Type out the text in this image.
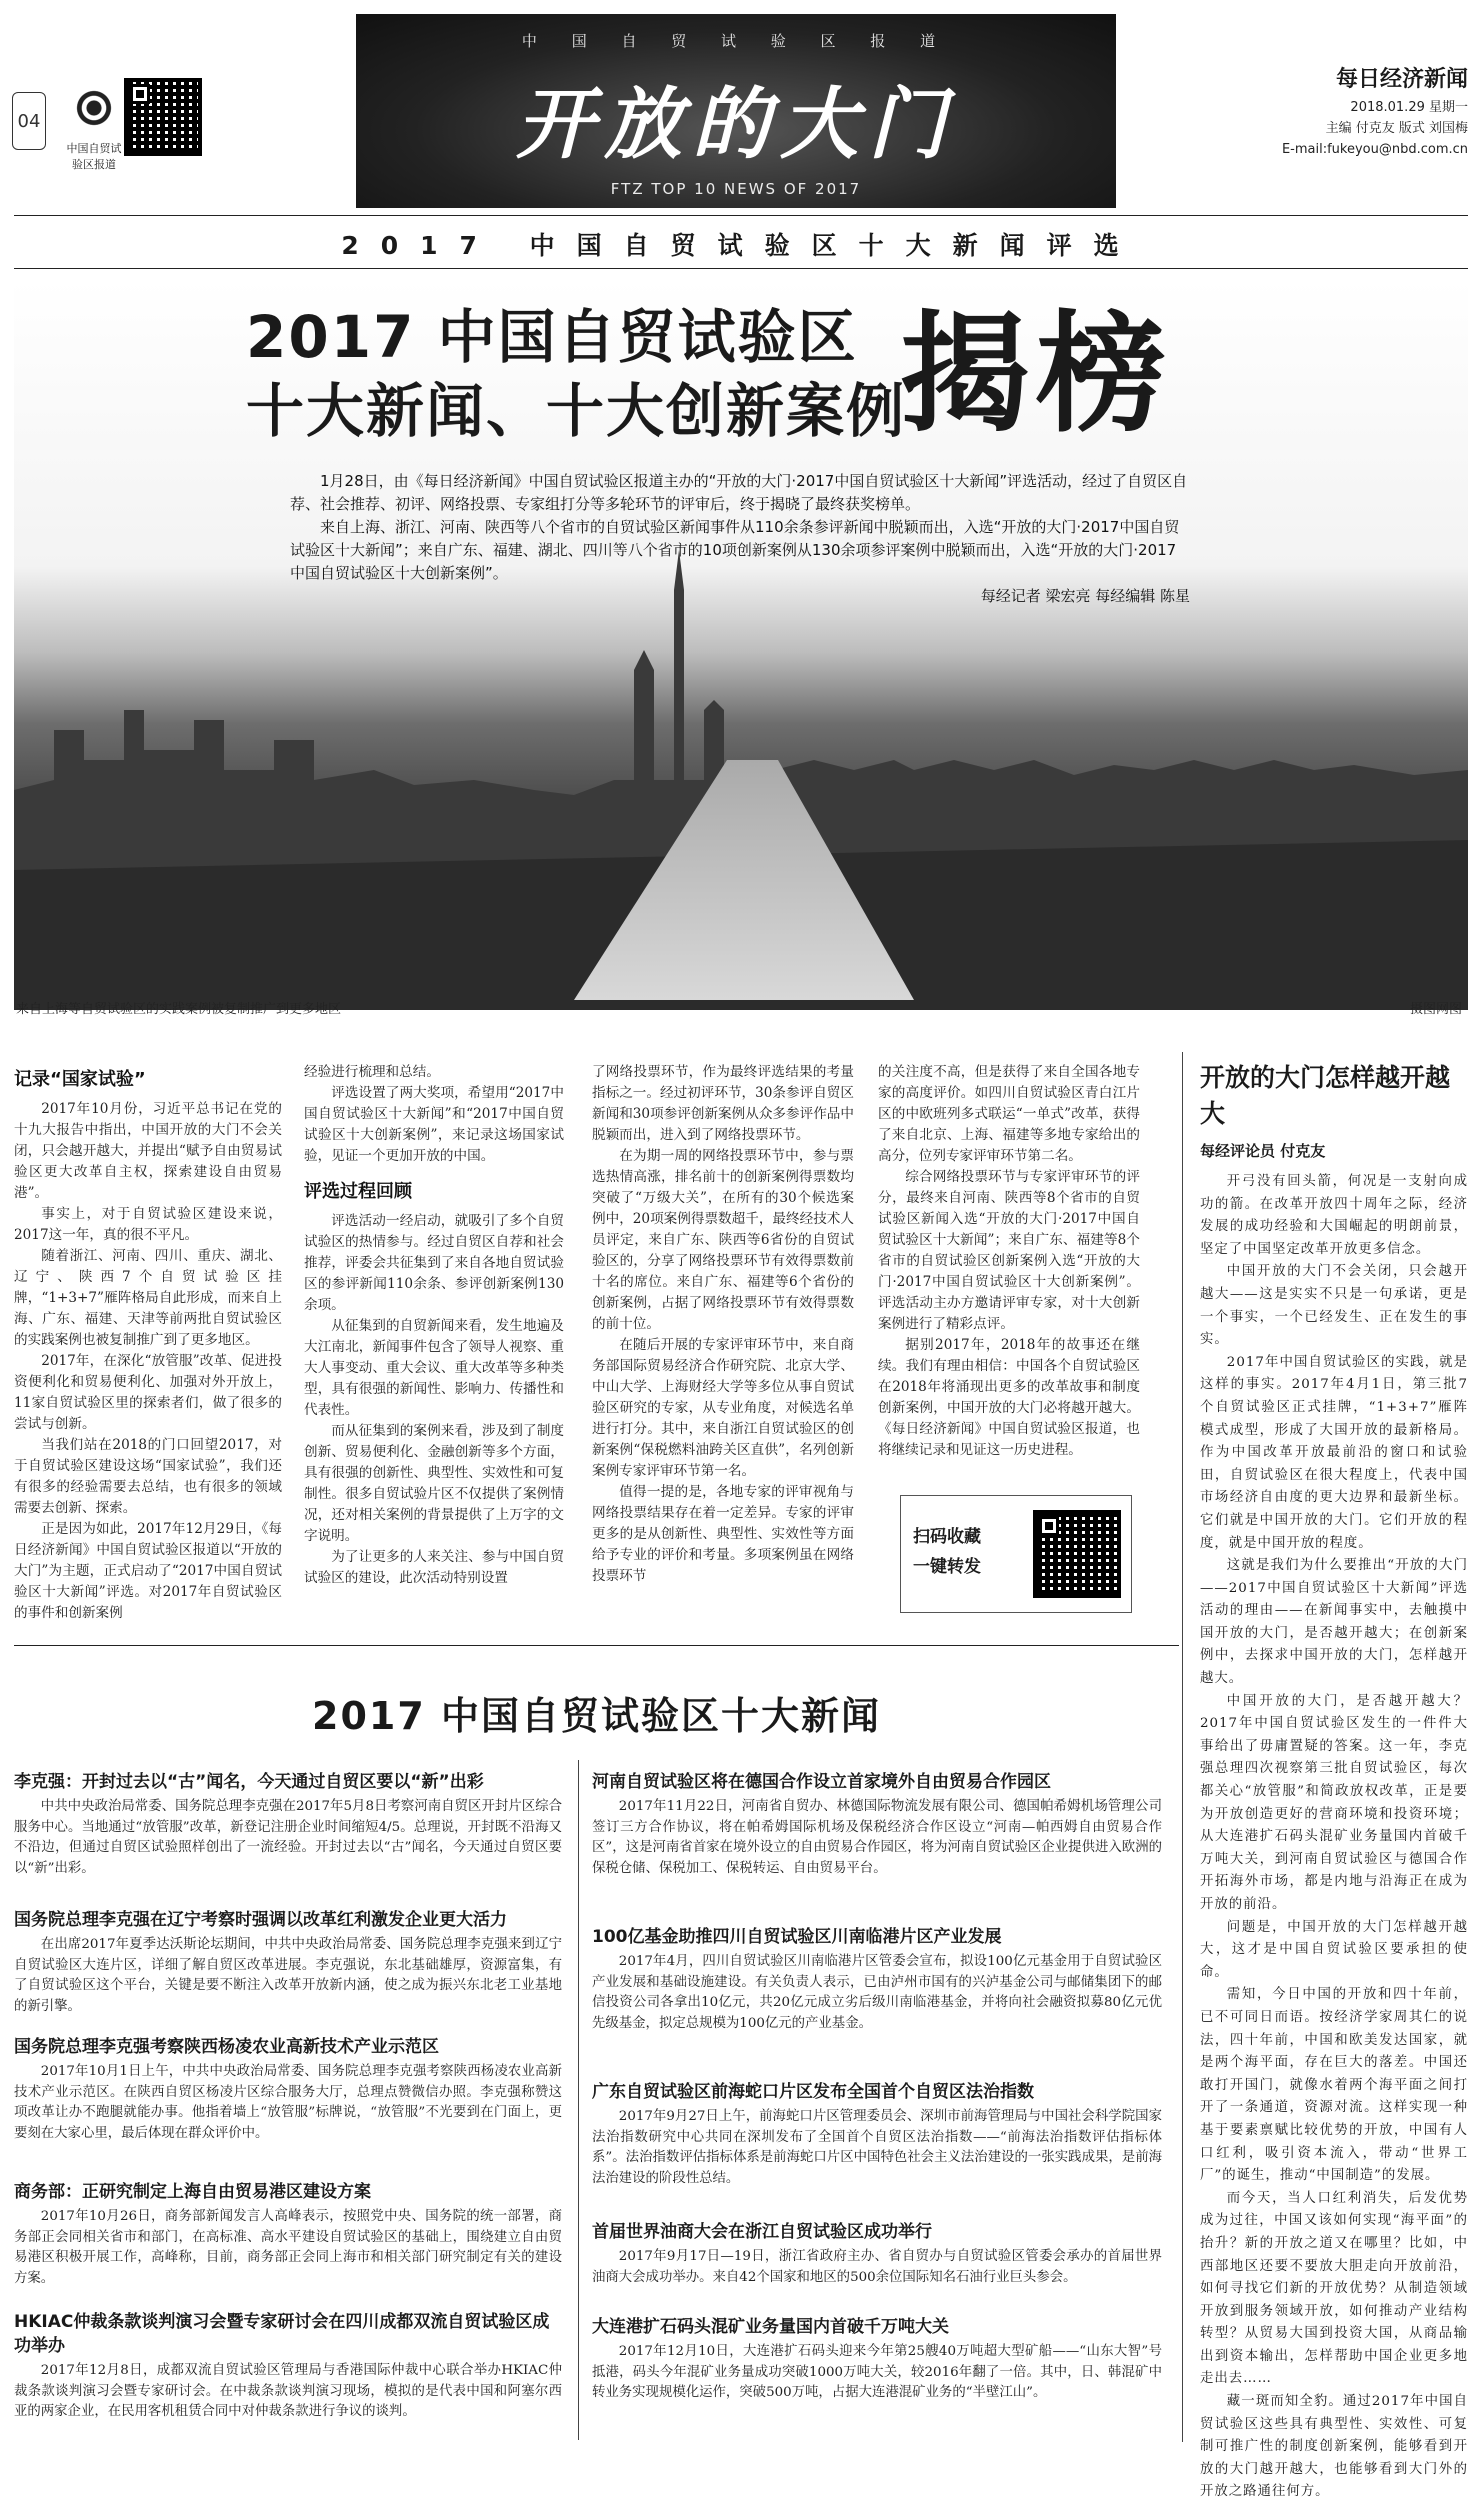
04
中国自贸试验区报道
中 国 自 贸 试 验 区 报 道
开放的大门
FTZ TOP 10 NEWS OF 2017
每日经济新闻
2018.01.29 星期一
主编 付克友 版式 刘国梅
E-mail:fukeyou@nbd.com.cn
2017 中国自贸试验区十大新闻评选
2017 中国自贸试验区
十大新闻、十大创新案例
揭榜

1月28日，由《每日经济新闻》中国自贸试验区报道主办的“开放的大门·2017中国自贸试验区十大新闻”评选活动，经过了自贸区自荐、社会推荐、初评、网络投票、专家组打分等多轮环节的评审后，终于揭晓了最终获奖榜单。

来自上海、浙江、河南、陕西等八个省市的自贸试验区新闻事件从110余条参评新闻中脱颖而出，入选“开放的大门·2017中国自贸试验区十大新闻”；来自广东、福建、湖北、四川等八个省市的10项创新案例从130余项参评案例中脱颖而出，入选“开放的大门·2017中国自贸试验区十大创新案例”。

每经记者 梁宏亮 每经编辑 陈星
来自上海等自贸试验区的实践案例被复制推广到更多地区	摄图网图
记录“国家试验”

2017年10月份，习近平总书记在党的十九大报告中指出，中国开放的大门不会关闭，只会越开越大，并提出“赋予自由贸易试验区更大改革自主权，探索建设自由贸易港”。

事实上，对于自贸试验区建设来说，2017这一年，真的很不平凡。

随着浙江、河南、四川、重庆、湖北、辽宁、陕西7个自贸试验区挂牌，“1+3+7”雁阵格局自此形成，而来自上海、广东、福建、天津等前两批自贸试验区的实践案例也被复制推广到了更多地区。

2017年，在深化“放管服”改革、促进投资便利化和贸易便利化、加强对外开放上，11家自贸试验区里的探索者们，做了很多的尝试与创新。

当我们站在2018的门口回望2017，对于自贸试验区建设这场“国家试验”，我们还有很多的经验需要去总结，也有很多的领域需要去创新、探索。

正是因为如此，2017年12月29日，《每日经济新闻》中国自贸试验区报道以“开放的大门”为主题，正式启动了“2017中国自贸试验区十大新闻”评选。对2017年自贸试验区的事件和创新案例

经验进行梳理和总结。

评选设置了两大奖项，希望用“2017中国自贸试验区十大新闻”和“2017中国自贸试验区十大创新案例”，来记录这场国家试验，见证一个更加开放的中国。

评选过程回顾

评选活动一经启动，就吸引了多个自贸试验区的热情参与。经过自贸区自荐和社会推荐，评委会共征集到了来自各地自贸试验区的参评新闻110余条、参评创新案例130余项。

从征集到的自贸新闻来看，发生地遍及大江南北，新闻事件包含了领导人视察、重大人事变动、重大会议、重大改革等多种类型，具有很强的新闻性、影响力、传播性和代表性。

而从征集到的案例来看，涉及到了制度创新、贸易便利化、金融创新等多个方面，具有很强的创新性、典型性、实效性和可复制性。很多自贸试验片区不仅提供了案例情况，还对相关案例的背景提供了上万字的文字说明。

为了让更多的人来关注、参与中国自贸试验区的建设，此次活动特别设置

了网络投票环节，作为最终评选结果的考量指标之一。经过初评环节，30条参评自贸区新闻和30项参评创新案例从众多参评作品中脱颖而出，进入到了网络投票环节。

在为期一周的网络投票环节中，参与票选热情高涨，排名前十的创新案例得票数均突破了“万级大关”，在所有的30个候选案例中，20项案例得票数超千，最终经技术人员评定，来自广东、陕西等6省份的自贸试验区的，分享了网络投票环节有效得票数前十名的席位。来自广东、福建等6个省份的创新案例，占据了网络投票环节有效得票数的前十位。

在随后开展的专家评审环节中，来自商务部国际贸易经济合作研究院、北京大学、中山大学、上海财经大学等多位从事自贸试验区研究的专家，从专业角度，对候选名单进行打分。其中，来自浙江自贸试验区的创新案例“保税燃料油跨关区直供”，名列创新案例专家评审环节第一名。

值得一提的是，各地专家的评审视角与网络投票结果存在着一定差异。专家的评审更多的是从创新性、典型性、实效性等方面给予专业的评价和考量。多项案例虽在网络投票环节

的关注度不高，但是获得了来自全国各地专家的高度评价。如四川自贸试验区青白江片区的中欧班列多式联运“一单式”改革，获得了来自北京、上海、福建等多地专家给出的高分，位列专家评审环节第二名。

综合网络投票环节与专家评审环节的评分，最终来自河南、陕西等8个省市的自贸试验区新闻入选“开放的大门·2017中国自贸试验区十大新闻”；来自广东、福建等8个省市的自贸试验区创新案例入选“开放的大门·2017中国自贸试验区十大创新案例”。评选活动主办方邀请评审专家，对十大创新案例进行了精彩点评。

据别2017年，2018年的故事还在继续。我们有理由相信：中国各个自贸试验区在2018年将涌现出更多的改革故事和制度创新案例，中国开放的大门必将越开越大。《每日经济新闻》中国自贸试验区报道，也将继续记录和见证这一历史进程。

扫码收藏一键转发
开放的大门怎样越开越大
每经评论员 付克友

开弓没有回头箭，何况是一支射向成功的箭。在改革开放四十周年之际，经济发展的成功经验和大国崛起的明朗前景，坚定了中国坚定改革开放更多信念。

中国开放的大门不会关闭，只会越开越大——这是实实不只是一句承诺，更是一个事实，一个已经发生、正在发生的事实。

2017年中国自贸试验区的实践，就是这样的事实。2017年4月1日，第三批7个自贸试验区正式挂牌，“1+3+7”雁阵模式成型，形成了大国开放的最新格局。作为中国改革开放最前沿的窗口和试验田，自贸试验区在很大程度上，代表中国市场经济自由度的更大边界和最新坐标。它们就是中国开放的大门。它们开放的程度，就是中国开放的程度。

这就是我们为什么要推出“开放的大门——2017中国自贸试验区十大新闻”评选活动的理由——在新闻事实中，去触摸中国开放的大门，是否越开越大；在创新案例中，去探求中国开放的大门，怎样越开越大。

中国开放的大门，是否越开越大？2017年中国自贸试验区发生的一件件大事给出了毋庸置疑的答案。这一年，李克强总理四次视察第三批自贸试验区，每次都关心“放管服”和简政放权改革，正是要为开放创造更好的营商环境和投资环境；从大连港扩石码头混矿业务量国内首破千万吨大关，到河南自贸试验区与德国合作开拓海外市场，都是内地与沿海正在成为开放的前沿。

问题是，中国开放的大门怎样越开越大，这才是中国自贸试验区要承担的使命。

需知，今日中国的开放和四十年前，已不可同日而语。按经济学家周其仁的说法，四十年前，中国和欧美发达国家，就是两个海平面，存在巨大的落差。中国还敢打开国门，就像水着两个海平面之间打开了一条通道，资源对流。这样实现一种基于要素禀赋比较优势的开放，中国有人口红利，吸引资本流入，带动“世界工厂”的诞生，推动“中国制造”的发展。

而今天，当人口红利消失，后发优势成为过往，中国又该如何实现“海平面”的抬升？新的开放之道又在哪里？比如，中西部地区还要不要放大胆走向开放前沿，如何寻找它们新的开放优势？从制造领域开放到服务领域开放，如何推动产业结构转型？从贸易大国到投资大国，从商品输出到资本输出，怎样帮助中国企业更多地走出去……

藏一斑而知全豹。通过2017年中国自贸试验区这些具有典型性、实效性、可复制可推广性的制度创新案例，能够看到开放的大门越开越大，也能够看到大门外的开放之路通往何方。

2017 中国自贸试验区十大新闻
李克强：开封过去以“古”闻名，今天通过自贸区要以“新”出彩

中共中央政治局常委、国务院总理李克强在2017年5月8日考察河南自贸区开封片区综合服务中心。当地通过“放管服”改革，新登记注册企业时间缩短4/5。总理说，开封既不沿海又不沿边，但通过自贸区试验照样创出了一流经验。开封过去以“古”闻名，今天通过自贸区要以“新”出彩。

国务院总理李克强在辽宁考察时强调以改革红利激发企业更大活力

在出席2017年夏季达沃斯论坛期间，中共中央政治局常委、国务院总理李克强来到辽宁自贸试验区大连片区，详细了解自贸区改革进展。李克强说，东北基础雄厚，资源富集，有了自贸试验区这个平台，关键是要不断注入改革开放新内涵，使之成为振兴东北老工业基地的新引擎。

国务院总理李克强考察陕西杨凌农业高新技术产业示范区

2017年10月1日上午，中共中央政治局常委、国务院总理李克强考察陕西杨凌农业高新技术产业示范区。在陕西自贸区杨凌片区综合服务大厅，总理点赞微信办照。李克强称赞这项改革让办不跑腿就能办事。他指着墙上“放管服”标牌说，“放管服”不光要到在门面上，更要刻在大家心里，最后体现在群众评价中。

商务部：正研究制定上海自由贸易港区建设方案

2017年10月26日，商务部新闻发言人高峰表示，按照党中央、国务院的统一部署，商务部正会同相关省市和部门，在高标准、高水平建设自贸试验区的基础上，围绕建立自由贸易港区积极开展工作，高峰称，目前，商务部正会同上海市和相关部门研究制定有关的建设方案。

HKIAC仲裁条款谈判演习会暨专家研讨会在四川成都双流自贸试验区成功举办

2017年12月8日，成都双流自贸试验区管理局与香港国际仲裁中心联合举办HKIAC仲裁条款谈判演习会暨专家研讨会。在中裁条款谈判演习现场，模拟的是代表中国和阿塞尔西亚的两家企业，在民用客机租赁合同中对仲裁条款进行争议的谈判。

河南自贸试验区将在德国合作设立首家境外自由贸易合作园区

2017年11月22日，河南省自贸办、林德国际物流发展有限公司、德国帕希姆机场管理公司签订三方合作协议，将在帕希姆国际机场及保税经济合作区设立“河南—帕西姆自由贸易合作区”，这是河南省首家在境外设立的自由贸易合作园区，将为河南自贸试验区企业提供进入欧洲的保税仓储、保税加工、保税转运、自由贸易平台。

100亿基金助推四川自贸试验区川南临港片区产业发展

2017年4月，四川自贸试验区川南临港片区管委会宣布，拟设100亿元基金用于自贸试验区产业发展和基础设施建设。有关负责人表示，已由泸州市国有的兴泸基金公司与邮储集团下的邮信投资公司各拿出10亿元，共20亿元成立劣后级川南临港基金，并将向社会融资拟募80亿元优先级基金，拟定总规模为100亿元的产业基金。

广东自贸试验区前海蛇口片区发布全国首个自贸区法治指数

2017年9月27日上午，前海蛇口片区管理委员会、深圳市前海管理局与中国社会科学院国家法治指数研究中心共同在深圳发布了全国首个自贸区法治指数——“前海法治指数评估指标体系”。法治指数评估指标体系是前海蛇口片区中国特色社会主义法治建设的一张实践成果，是前海法治建设的阶段性总结。

首届世界油商大会在浙江自贸试验区成功举行

2017年9月17日—19日，浙江省政府主办、省自贸办与自贸试验区管委会承办的首届世界油商大会成功举办。来自42个国家和地区的500余位国际知名石油行业巨头参会。

大连港扩石码头混矿业务量国内首破千万吨大关

2017年12月10日，大连港扩石码头迎来今年第25艘40万吨超大型矿船——“山东大智”号抵港，码头今年混矿业务量成功突破1000万吨大关，较2016年翻了一倍。其中，日、韩混矿中转业务实现规模化运作，突破500万吨，占据大连港混矿业务的“半壁江山”。
